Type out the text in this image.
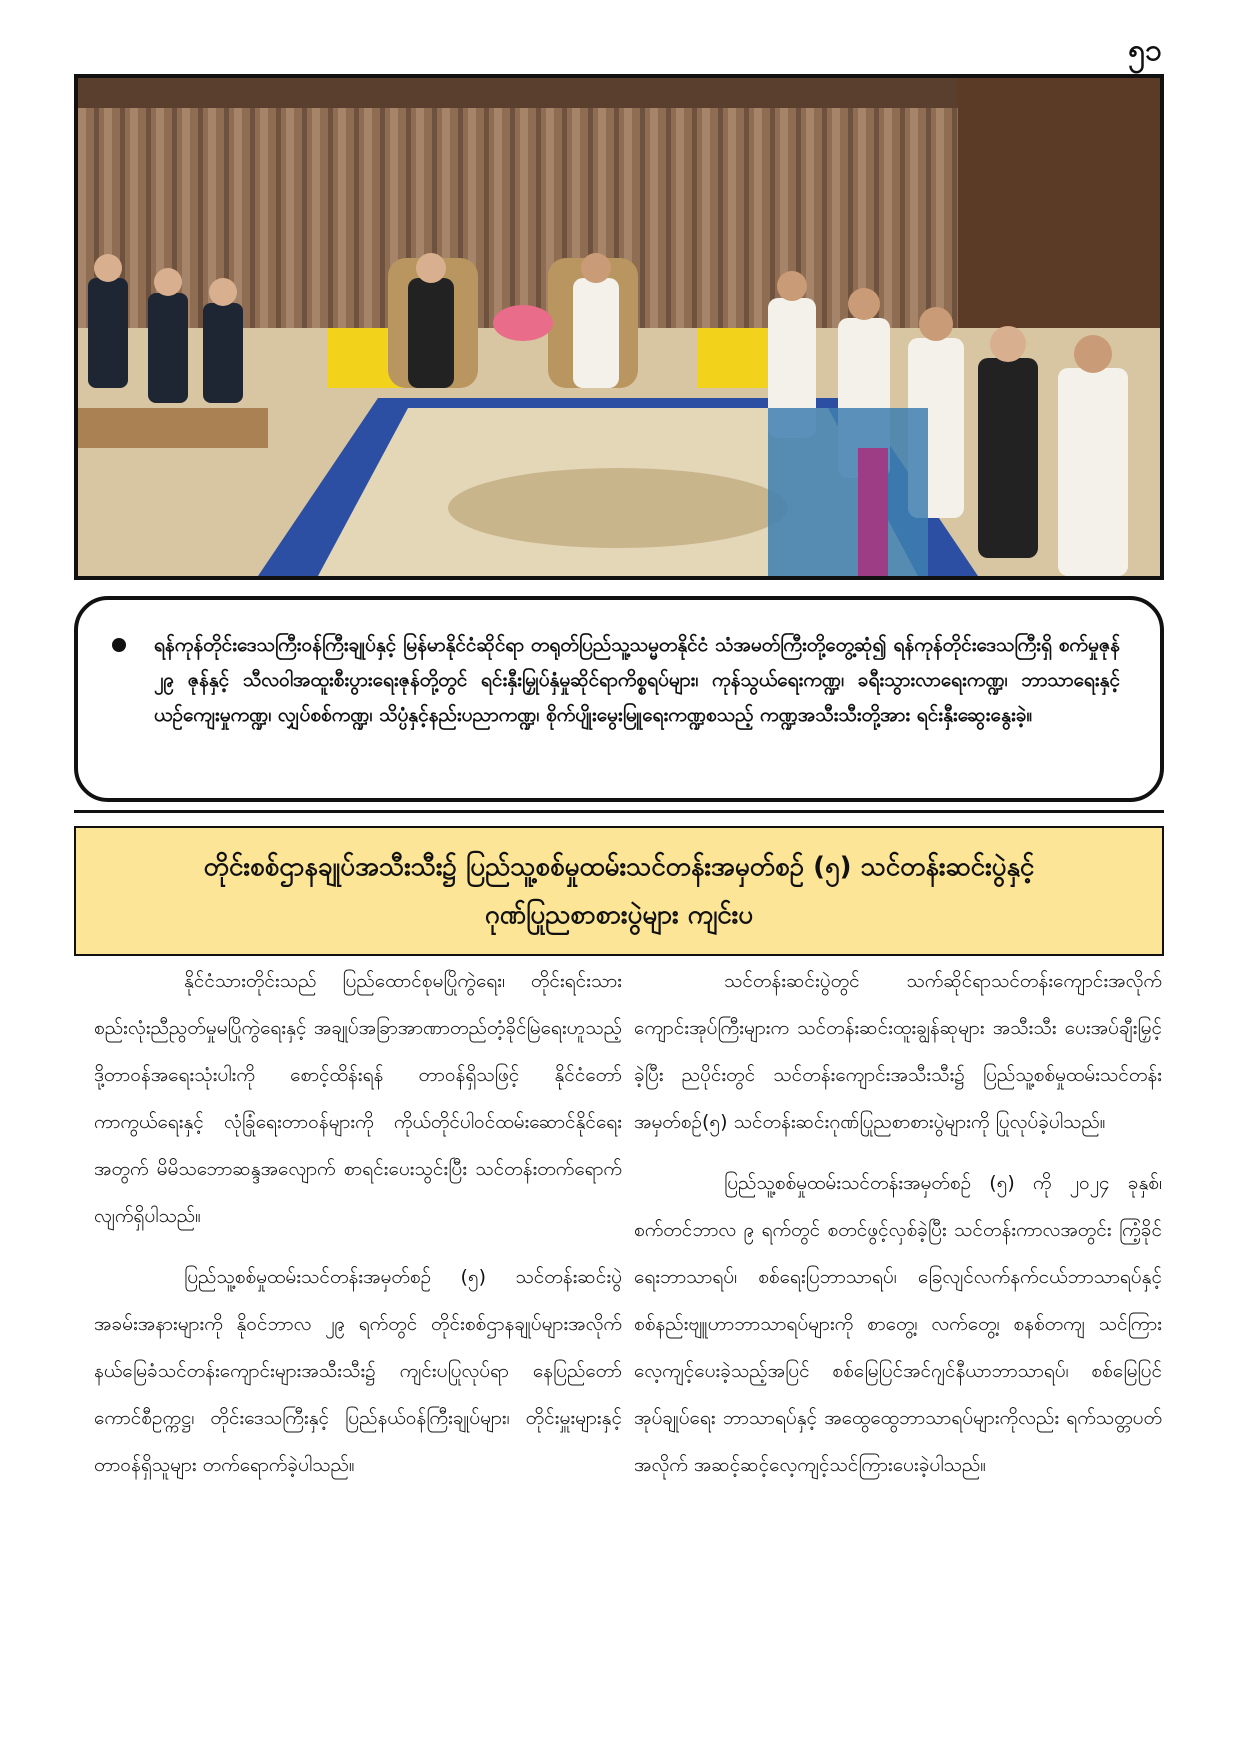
၅၁
ရန်ကုန်တိုင်းဒေသကြီးဝန်ကြီးချုပ်နှင့် မြန်မာနိုင်ငံဆိုင်ရာ တရုတ်ပြည်သူ့သမ္မတနိုင်ငံ သံအမတ်ကြီးတို့တွေ့ဆုံ၍ ရန်ကုန်တိုင်းဒေသကြီးရှိ စက်မှုဇုန် ၂၉ ဇုန်နှင့် သီလဝါအထူးစီးပွားရေးဇုန်တို့တွင် ရင်းနှီးမြှုပ်နှံမှုဆိုင်ရာကိစ္စရပ်များ၊ ကုန်သွယ်ရေးကဏ္ဍ၊ ခရီးသွားလာရေးကဏ္ဍ၊ ဘာသာရေးနှင့်ယဉ်ကျေးမှုကဏ္ဍ၊ လျှပ်စစ်ကဏ္ဍ၊ သိပ္ပံနှင့်နည်းပညာကဏ္ဍ၊ စိုက်ပျိုးမွေးမြူရေးကဏ္ဍစသည့် ကဏ္ဍအသီးသီးတို့အား ရင်းနှီးဆွေးနွေးခဲ့။
တိုင်းစစ်ဌာနချုပ်အသီးသီး၌ ပြည်သူ့စစ်မှုထမ်းသင်တန်းအမှတ်စဉ် (၅) သင်တန်းဆင်းပွဲနှင့်
ဂုဏ်ပြုညစာစားပွဲများ ကျင်းပ

နိုင်ငံသားတိုင်းသည် ပြည်ထောင်စုမပြိုကွဲရေး၊ တိုင်းရင်းသားစည်းလုံးညီညွတ်မှုမပြိုကွဲရေးနှင့် အချုပ်အခြာအာဏာတည်တံ့ခိုင်မြဲရေးဟူသည့် ဒို့တာဝန်အရေးသုံးပါးကို စောင့်ထိန်းရန် တာဝန်ရှိသဖြင့် နိုင်ငံတော်ကာကွယ်ရေးနှင့် လုံခြုံရေးတာဝန်များကို ကိုယ်တိုင်ပါဝင်ထမ်းဆောင်နိုင်ရေးအတွက် မိမိသဘောဆန္ဒအလျောက် စာရင်းပေးသွင်းပြီး သင်တန်းတက်ရောက်လျက်ရှိပါသည်။

ပြည်သူ့စစ်မှုထမ်းသင်တန်းအမှတ်စဉ် (၅) သင်တန်းဆင်းပွဲအခမ်းအနားများကို နိုဝင်ဘာလ ၂၉ ရက်တွင် တိုင်းစစ်ဌာနချုပ်များအလိုက် နယ်မြေခံသင်တန်းကျောင်းများအသီးသီး၌ ကျင်းပပြုလုပ်ရာ နေပြည်တော်ကောင်စီဥက္ကဋ္ဌ၊ တိုင်းဒေသကြီးနှင့် ပြည်နယ်ဝန်ကြီးချုပ်များ၊ တိုင်းမှူးများနှင့် တာဝန်ရှိသူများ တက်ရောက်ခဲ့ပါသည်။

သင်တန်းဆင်းပွဲတွင် သက်ဆိုင်ရာသင်တန်းကျောင်းအလိုက် ကျောင်းအုပ်ကြီးများက သင်တန်းဆင်းထူးချွန်ဆုများ အသီးသီး ပေးအပ်ချီးမြှင့်ခဲ့ပြီး ညပိုင်းတွင် သင်တန်းကျောင်းအသီးသီး၌ ပြည်သူ့စစ်မှုထမ်းသင်တန်းအမှတ်စဉ်(၅) သင်တန်းဆင်းဂုဏ်ပြုညစာစားပွဲများကို ပြုလုပ်ခဲ့ပါသည်။

ပြည်သူ့စစ်မှုထမ်းသင်တန်းအမှတ်စဉ် (၅) ကို ၂၀၂၄ ခုနှစ်၊ စက်တင်ဘာလ ၉ ရက်တွင် စတင်ဖွင့်လှစ်ခဲ့ပြီး သင်တန်းကာလအတွင်း ကြံ့ခိုင်ရေးဘာသာရပ်၊ စစ်ရေးပြဘာသာရပ်၊ ခြေလျင်လက်နက်ငယ်ဘာသာရပ်နှင့် စစ်နည်းဗျူဟာဘာသာရပ်များကို စာတွေ့၊ လက်တွေ့၊ စနစ်တကျ သင်ကြားလေ့ကျင့်ပေးခဲ့သည့်အပြင် စစ်မြေပြင်အင်ဂျင်နီယာဘာသာရပ်၊ စစ်မြေပြင်အုပ်ချုပ်ရေး ဘာသာရပ်နှင့် အထွေထွေဘာသာရပ်များကိုလည်း ရက်သတ္တပတ်အလိုက် အဆင့်ဆင့်လေ့ကျင့်သင်ကြားပေးခဲ့ပါသည်။
